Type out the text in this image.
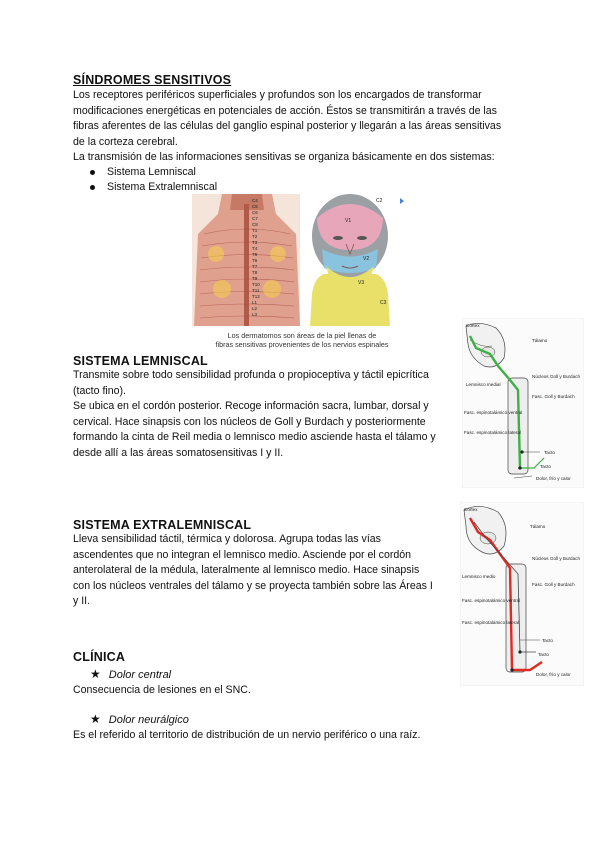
SÍNDROMES SENSITIVOS
Los receptores periféricos superficiales y profundos son los encargados de transformar
modificaciones energéticas en potenciales de acción. Éstos se transmitirán a través de las
fibras aferentes de las células del ganglio espinal posterior y llegarán a las áreas sensitivas
de la corteza cerebral.
La transmisión de las informaciones sensitivas se organiza básicamente en dos sistemas:
Sistema Lemniscal
Sistema Extralemniscal
C4
C5
C6
C7
C8
T1
T2
T3
T4
T5
T6
T7
T8
T9
T10
T11
T12
L1
L2
L3
V1
V2
V3
C2
C3
Los dermatomos son áreas de la piel llenas de
fibras sensitivas provenientes de los nervios espinales
SISTEMA LEMNISCAL
Transmite sobre todo sensibilidad profunda o propioceptiva y táctil epicrítica
(tacto fino).
Se ubica en el cordón posterior. Recoge información sacra, lumbar, dorsal y
cervical. Hace sinapsis con los núcleos de Goll y Burdach y posteriormente
formando la cinta de Reil media o lemnisco medio asciende hasta el tálamo y
desde allí a las áreas somatosensitivas I y II.
Córtex
Tálamo
Lemnisco medial
Núcleos Goll y Burdach
Fasc. Goll y Burdach
Fasc. espinotalámico ventral
Fasc. espinotalámico lateral
Tacto
Tacto
Dolor, frío y calor
SISTEMA EXTRALEMNISCAL
Lleva sensibilidad táctil, térmica y dolorosa. Agrupa todas las vías
ascendentes que no integran el lemnisco medio. Asciende por el cordón
anterolateral de la médula, lateralmente al lemnisco medio. Hace sinapsis
con los núcleos ventrales del tálamo y se proyecta también sobre las Áreas I
y II.
Córtex
Tálamo
Núcleos Goll y Burdach
Lemnisco medio
Fasc. Goll y Burdach
Fasc. espinotalámico ventral
Fasc. espinotalámico lateral
Tacto
Tacto
Dolor, frío y calor
CLÍNICA
★ Dolor central
Consecuencia de lesiones en el SNC.
★ Dolor neurálgico
Es el referido al territorio de distribución de un nervio periférico o una raíz.
